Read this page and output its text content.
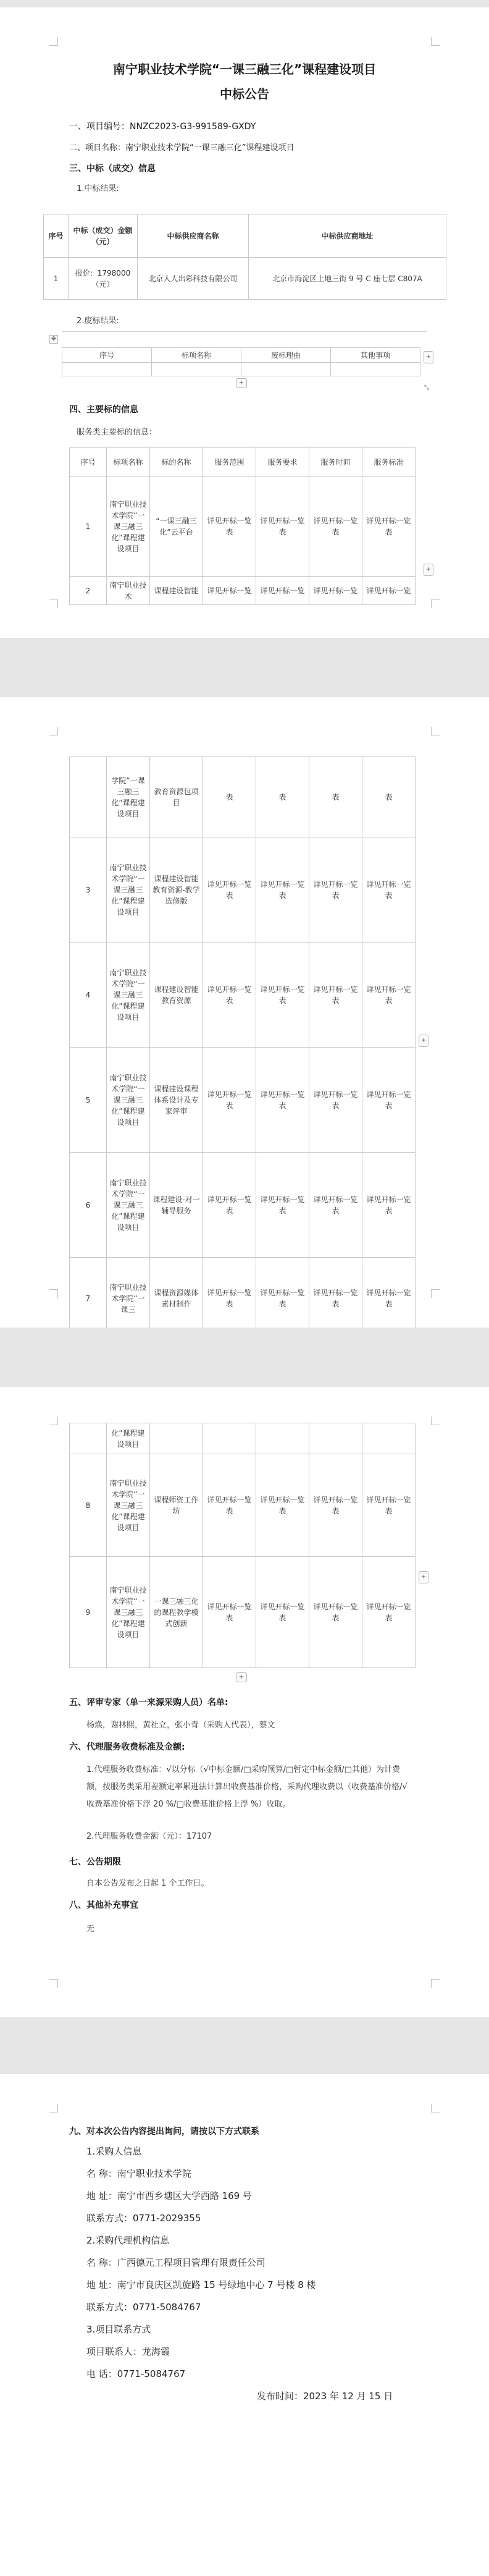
南宁职业技术学院“一课三融三化”课程建设项目
中标公告
一、项目编号：NNZC2023-G3-991589-GXDY
二、项目名称：南宁职业技术学院“一课三融三化”课程建设项目
三、中标（成交）信息
1.中标结果:
序号	中标（成交）金额（元）	中标供应商名称	中标供应商地址
1	报价：1798000（元）	北京人人出彩科技有限公司	北京市海淀区上地三街 9 号 C 座七层 C807A
2.废标结果:
✥
序号	标项名称	废标理由	其他事项
				+
+
⤡
四、主要标的信息
服务类主要标的信息：
序号	标项名称	标的名称	服务范围	服务要求	服务时间	服务标准
1	南宁职业技术学院“一课三融三化”课程建设项目	“一课三融三化”云平台	详见开标一览表	详见开标一览表	详见开标一览表	详见开标一览表
2	南宁职业技术	课程建设智能	详见开标一览	详见开标一览	详见开标一览	详见开标一览
+
	学院“一课三融三化”课程建设项目	教育资源包项目	表	表	表	表
3	南宁职业技术学院“一课三融三化”课程建设项目	课程建设智能教育资源-教学选修版	详见开标一览表	详见开标一览表	详见开标一览表	详见开标一览表
4	南宁职业技术学院“一课三融三化”课程建设项目	课程建设智能教育资源	详见开标一览表	详见开标一览表	详见开标一览表	详见开标一览表
5	南宁职业技术学院“一课三融三化”课程建设项目	课程建设课程体系设计及专家评审	详见开标一览表	详见开标一览表	详见开标一览表	详见开标一览表
6	南宁职业技术学院“一课三融三化”课程建设项目	课程建设-对一辅导服务	详见开标一览表	详见开标一览表	详见开标一览表	详见开标一览表
7	南宁职业技术学院“一课三	课程资源媒体素材制作	详见开标一览表	详见开标一览表	详见开标一览表	详见开标一览表
+
	化”课程建设项目					
8	南宁职业技术学院“一课三融三化”课程建设项目	课程师资工作坊	详见开标一览表	详见开标一览表	详见开标一览表	详见开标一览表
9	南宁职业技术学院“一课三融三化”课程建设项目	一课三融三化的课程教学模式创新	详见开标一览表	详见开标一览表	详见开标一览表	详见开标一览表
+
+
五、评审专家（单一来源采购人员）名单:
杨焕，谢林熙，黄社立，张小青（采购人代表），蔡文
六、代理服务收费标准及金额:
1.代理服务收费标准：√以分标（√中标金额/□采购预算/□暂定中标金额/□其他）为计费额，按服务类采用差额定率累进法计算出收费基准价格，采购代理收费以（收费基准价格/√收费基准价格下浮 20 %/□收费基准价格上浮 %）收取。
2.代理服务收费金额（元）：17107
七、公告期限
自本公告发布之日起 1 个工作日。
八、其他补充事宜
无
九、对本次公告内容提出询问，请按以下方式联系
1.采购人信息
名 称：南宁职业技术学院
地 址：南宁市西乡塘区大学西路 169 号
联系方式：0771-2029355
2.采购代理机构信息
名 称：广西德元工程项目管理有限责任公司
地 址：南宁市良庆区凯旋路 15 号绿地中心 7 号楼 8 楼
联系方式：0771-5084767
3.项目联系方式
项目联系人：龙海霞
电 话：0771-5084767
发布时间：2023 年 12 月 15 日
